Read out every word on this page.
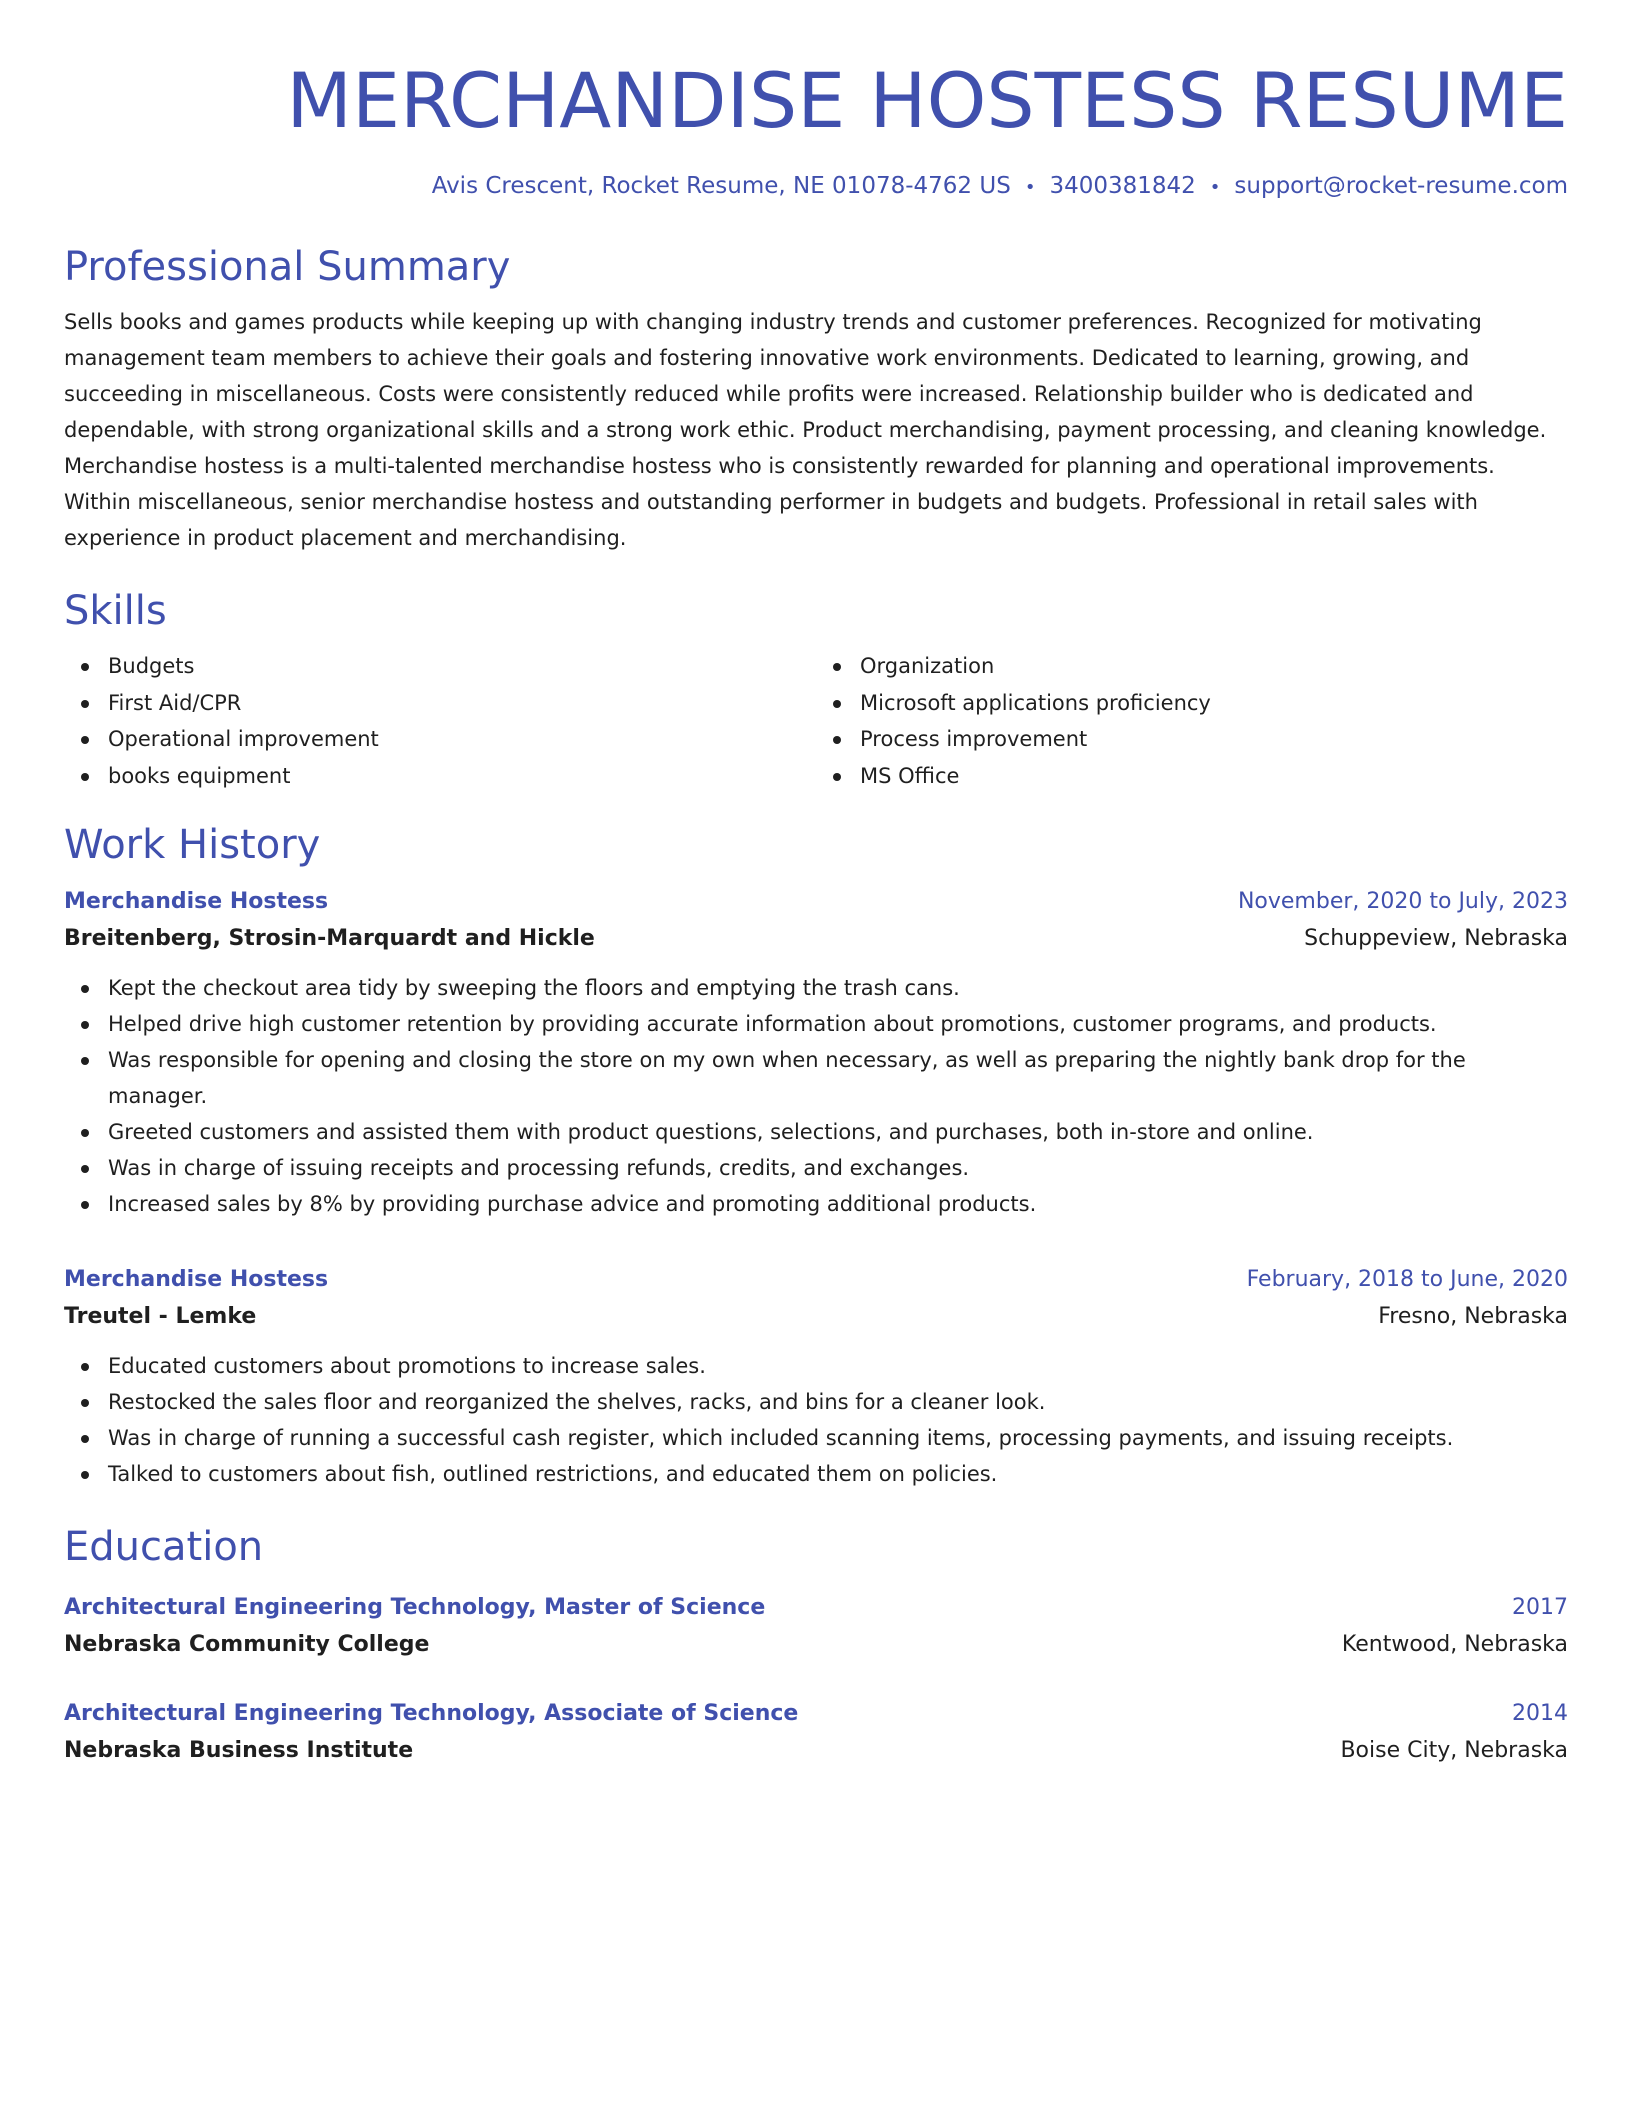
MERCHANDISE HOSTESS RESUME
Avis Crescent, Rocket Resume, NE 01078-4762 US • 3400381842 • support@rocket-resume.com
Professional Summary
Sells books and games products while keeping up with changing industry trends and customer preferences. Recognized for motivating management team members to achieve their goals and fostering innovative work environments. Dedicated to learning, growing, and succeeding in miscellaneous. Costs were consistently reduced while profits were increased. Relationship builder who is dedicated and dependable, with strong organizational skills and a strong work ethic. Product merchandising, payment processing, and cleaning knowledge. Merchandise hostess is a multi-talented merchandise hostess who is consistently rewarded for planning and operational improvements. Within miscellaneous, senior merchandise hostess and outstanding performer in budgets and budgets. Professional in retail sales with experience in product placement and merchandising.
Skills
Budgets
First Aid/CPR
Operational improvement
books equipment
Organization
Microsoft applications proficiency
Process improvement
MS Office
Work History
Merchandise Hostess	November, 2020 to July, 2023
Breitenberg, Strosin-Marquardt and Hickle	Schuppeview, Nebraska
Kept the checkout area tidy by sweeping the floors and emptying the trash cans.
Helped drive high customer retention by providing accurate information about promotions, customer programs, and products.
Was responsible for opening and closing the store on my own when necessary, as well as preparing the nightly bank drop for the manager.
Greeted customers and assisted them with product questions, selections, and purchases, both in-store and online.
Was in charge of issuing receipts and processing refunds, credits, and exchanges.
Increased sales by 8% by providing purchase advice and promoting additional products.
Merchandise Hostess	February, 2018 to June, 2020
Treutel - Lemke	Fresno, Nebraska
Educated customers about promotions to increase sales.
Restocked the sales floor and reorganized the shelves, racks, and bins for a cleaner look.
Was in charge of running a successful cash register, which included scanning items, processing payments, and issuing receipts.
Talked to customers about fish, outlined restrictions, and educated them on policies.
Education
Architectural Engineering Technology, Master of Science	2017
Nebraska Community College	Kentwood, Nebraska
Architectural Engineering Technology, Associate of Science	2014
Nebraska Business Institute	Boise City, Nebraska
